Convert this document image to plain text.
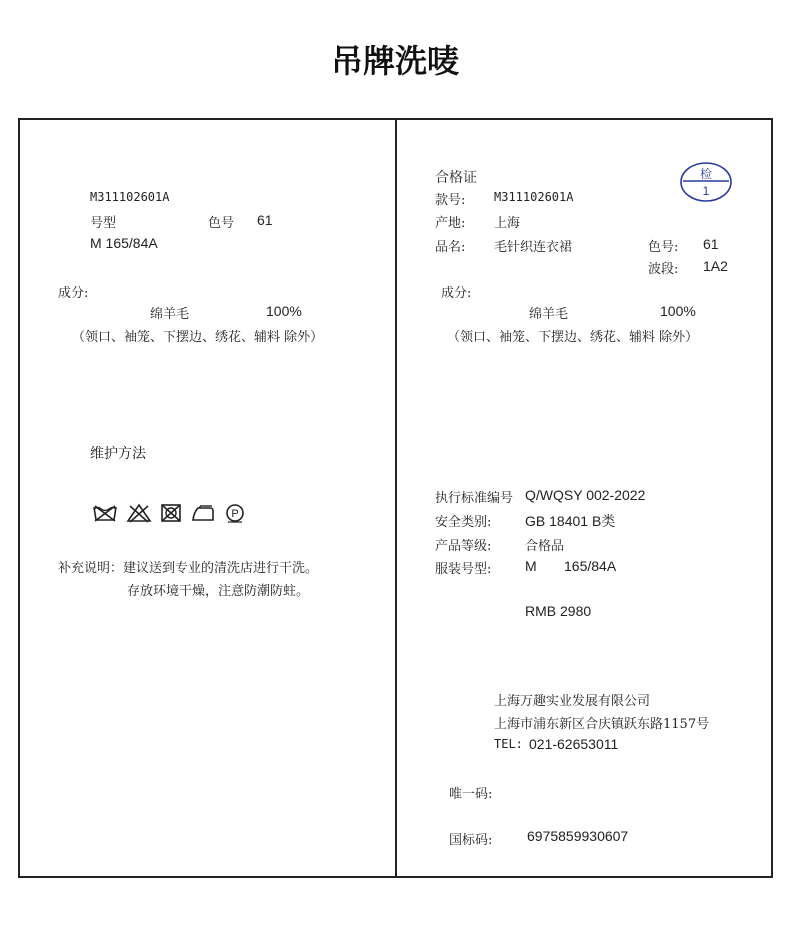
吊牌洗唛
M311102601A
号型	色号 61
M 165/84A
成分:
绵羊毛	100%
（领口、袖笼、下摆边、绣花、辅料 除外）
维护方法
P
补充说明：建议送到专业的清洗店进行干洗。
存放环境干燥，注意防潮防蛀。
合格证	检
1
款号: M311102601A
产地: 上海
品名: 毛针织连衣裙	色号: 61
波段: 1A2
成分:
绵羊毛	100%
（领口、袖笼、下摆边、绣花、辅料 除外）
执行标准编号 Q/WQSY 002-2022
安全类别: GB 18401 B类
产品等级:	合格品
服装号型: M 165/84A
RMB 2980
上海万趣实业发展有限公司
上海市浦东新区合庆镇跃东路1157号
TEL: 021-62653011
唯一码:
国标码: 6975859930607
